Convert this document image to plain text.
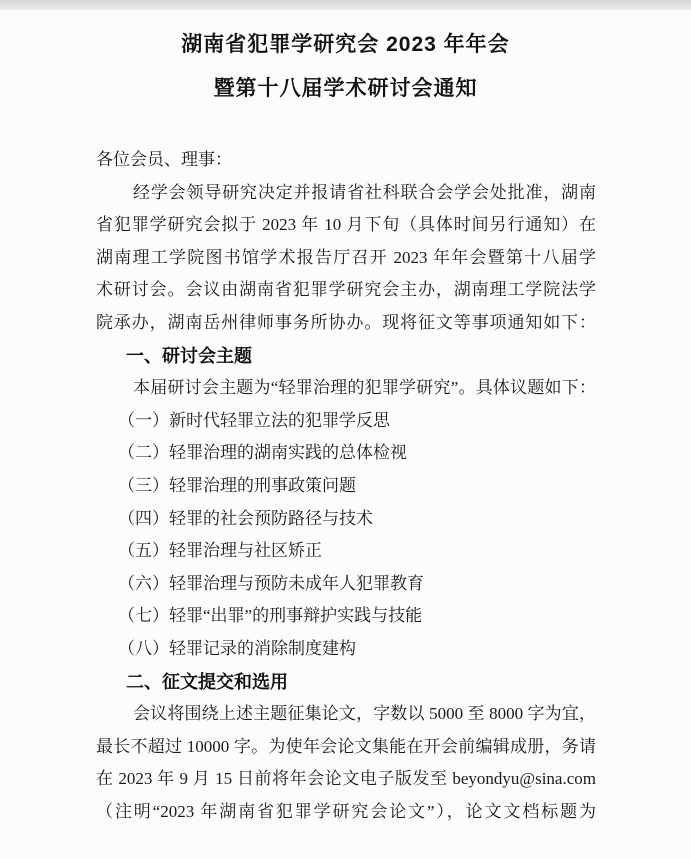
湖南省犯罪学研究会 2023 年年会
暨第十八届学术研讨会通知
各位会员、理事：
经学会领导研究决定并报请省社科联合会学会处批准，湖南
省犯罪学研究会拟于 2023 年 10 月下旬（具体时间另行通知）在
湖南理工学院图书馆学术报告厅召开 2023 年年会暨第十八届学
术研讨会。会议由湖南省犯罪学研究会主办，湖南理工学院法学
院承办，湖南岳州律师事务所协办。现将征文等事项通知如下：
一、研讨会主题
本届研讨会主题为“轻罪治理的犯罪学研究”。具体议题如下：
（一）新时代轻罪立法的犯罪学反思
（二）轻罪治理的湖南实践的总体检视
（三）轻罪治理的刑事政策问题
（四）轻罪的社会预防路径与技术
（五）轻罪治理与社区矫正
（六）轻罪治理与预防未成年人犯罪教育
（七）轻罪“出罪”的刑事辩护实践与技能
（八）轻罪记录的消除制度建构
二、征文提交和选用
会议将围绕上述主题征集论文，字数以 5000 至 8000 字为宜，
最长不超过 10000 字。为使年会论文集能在开会前编辑成册，务请
在 2023 年 9 月 15 日前将年会论文电子版发至 beyondyu@sina.com
（注明“2023 年湖南省犯罪学研究会论文”），论文文档标题为
